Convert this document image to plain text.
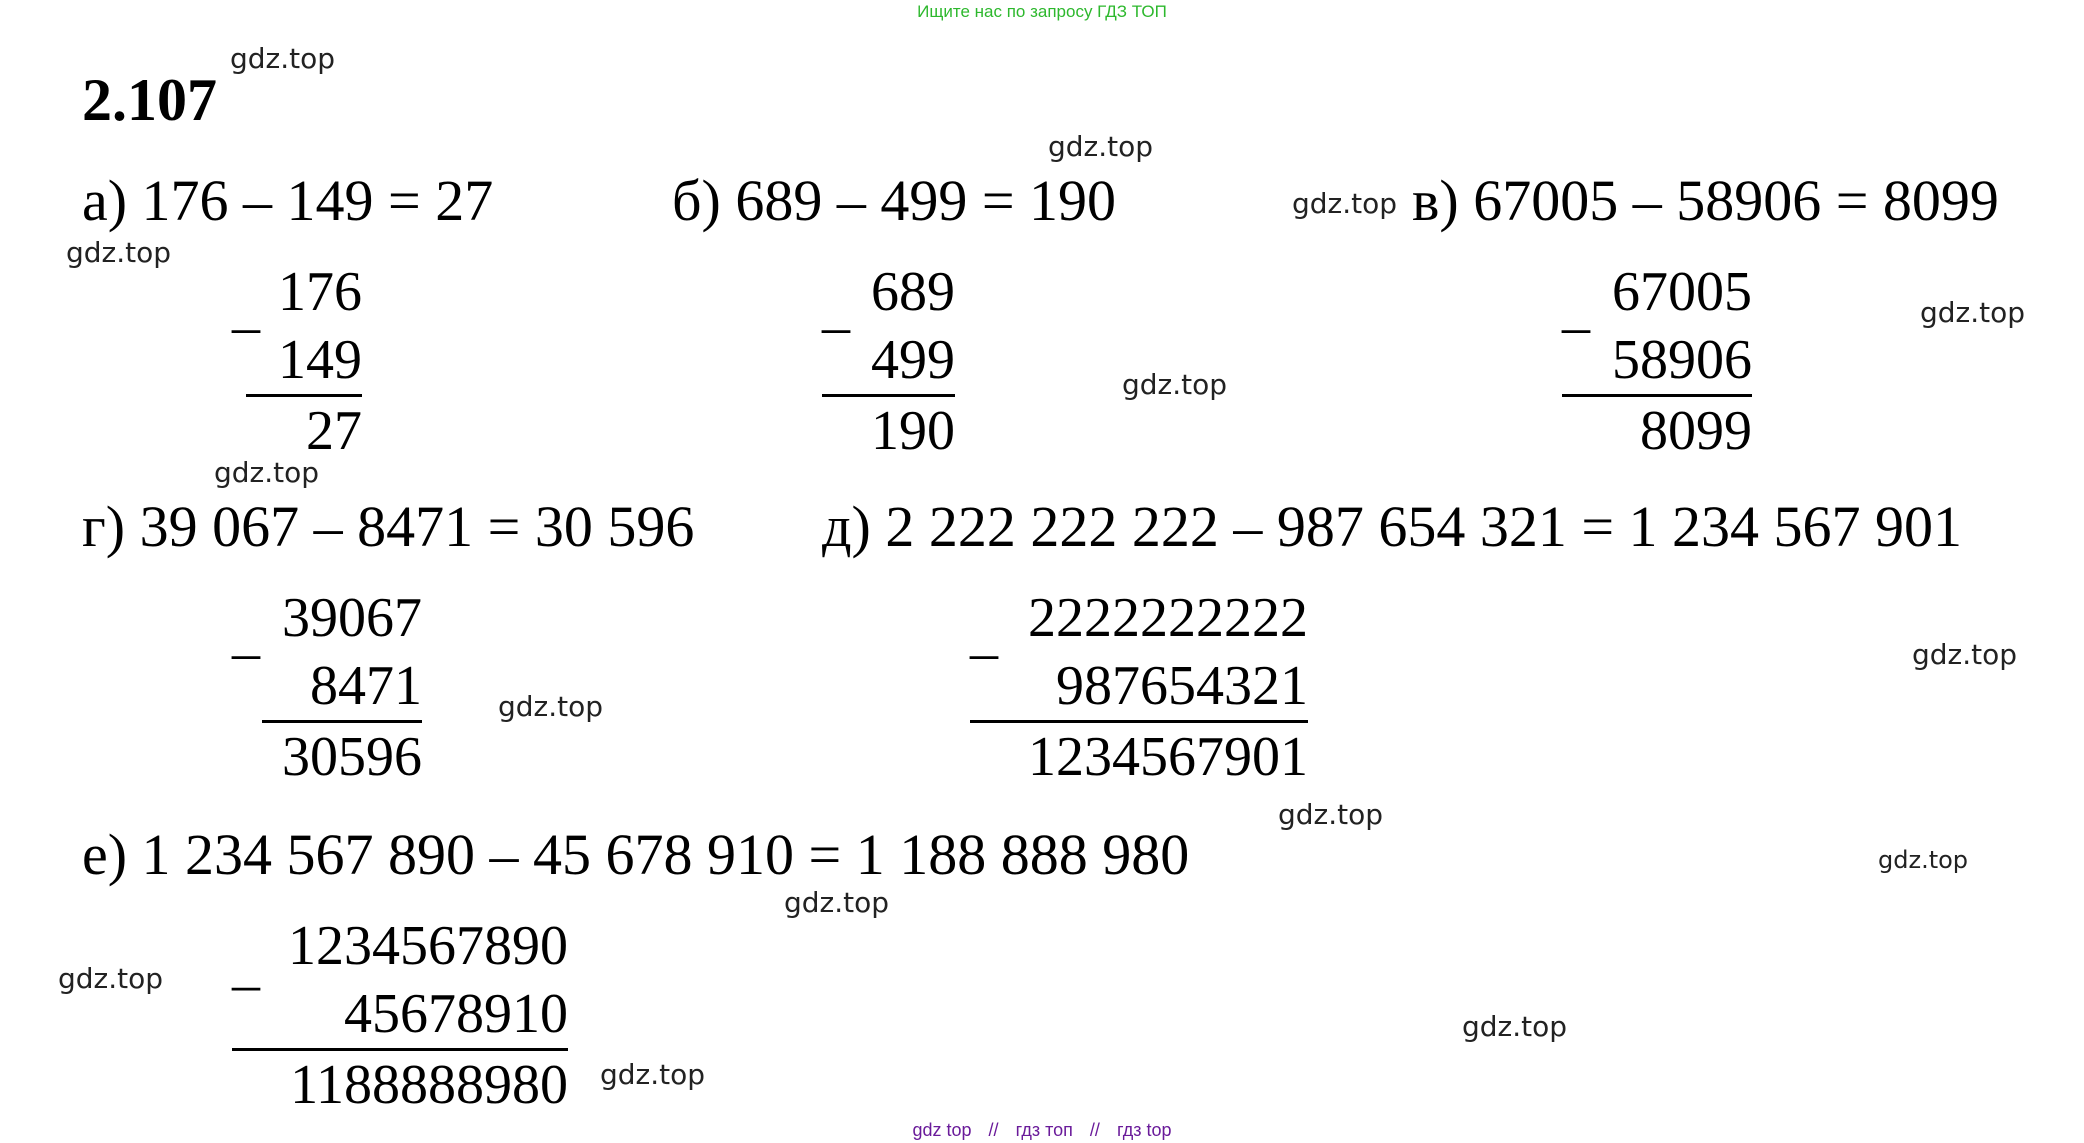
Ищите нас по запросу ГДЗ ТОП
2.107
а) 176 – 149 = 27	б) 689 – 499 = 190	в) 67005 – 58906 = 8099
г) 39 067 – 8471 = 30 596 д) 2 222 222 222 – 987 654 321 = 1 234 567 901
е) 1 234 567 890 – 45 678 910 = 1 188 888 980
_ 176
149
27
_ 689
499
190
_ 67005
58906
8099
_ 39067
8471
30596
_ 2222222222
987654321
1234567901
–
1234567890
45678910
1188888980
gdz.top
gdz.top
gdz.top
gdz.top
gdz.top
gdz.top
gdz.top
gdz.top
gdz.top
gdz.top
gdz.top
gdz.top
gdz.top
gdz.top
gdz.top
gdz top // гдз топ // гдз top
